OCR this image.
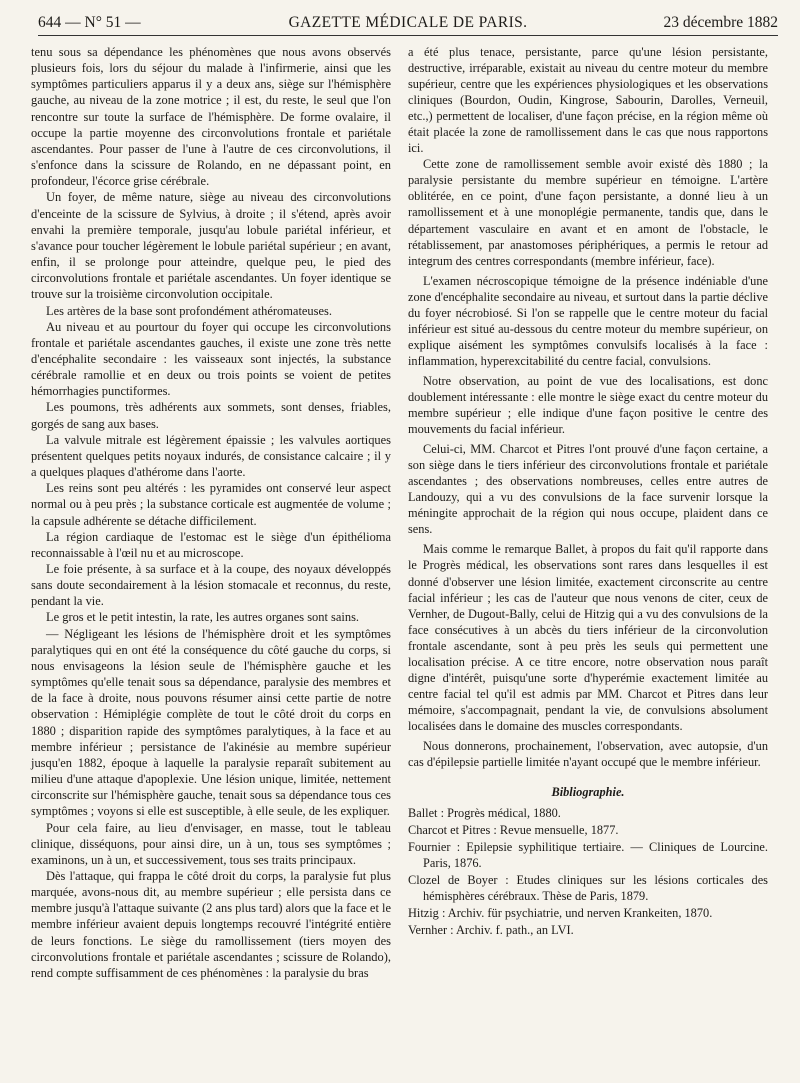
644 — N° 51 —	GAZETTE MÉDICALE DE PARIS.	23 décembre 1882

tenu sous sa dépendance les phénomènes que nous avons observés plusieurs fois, lors du séjour du malade à l'infirmerie, ainsi que les symptômes particuliers apparus il y a deux ans, siège sur l'hémisphère gauche, au niveau de la zone motrice ; il est, du reste, le seul que l'on rencontre sur toute la surface de l'hémisphère. De forme ovalaire, il occupe la partie moyenne des circonvolutions frontale et pariétale ascendantes. Pour passer de l'une à l'autre de ces circonvolutions, il s'enfonce dans la scissure de Rolando, en ne dépassant point, en profondeur, l'écorce grise cérébrale.

Un foyer, de même nature, siège au niveau des circonvolutions d'enceinte de la scissure de Sylvius, à droite ; il s'étend, après avoir envahi la première temporale, jusqu'au lobule pariétal inférieur, et s'avance pour toucher légèrement le lobule pariétal supérieur ; en avant, enfin, il se prolonge pour atteindre, quelque peu, le pied des circonvolutions frontale et pariétale ascendantes. Un foyer identique se trouve sur la troisième circonvolution occipitale.

Les artères de la base sont profondément athéromateuses.

Au niveau et au pourtour du foyer qui occupe les circonvolutions frontale et pariétale ascendantes gauches, il existe une zone très nette d'encéphalite secondaire : les vaisseaux sont injectés, la substance cérébrale ramollie et en deux ou trois points se voient de petites hémorrhagies punctiformes.

Les poumons, très adhérents aux sommets, sont denses, friables, gorgés de sang aux bases.

La valvule mitrale est légèrement épaissie ; les valvules aortiques présentent quelques petits noyaux indurés, de consistance calcaire ; il y a quelques plaques d'athérome dans l'aorte.

Les reins sont peu altérés : les pyramides ont conservé leur aspect normal ou à peu près ; la substance corticale est augmentée de volume ; la capsule adhérente se détache difficilement.

La région cardiaque de l'estomac est le siège d'un épithélioma reconnaissable à l'œil nu et au microscope.

Le foie présente, à sa surface et à la coupe, des noyaux développés sans doute secondairement à la lésion stomacale et reconnus, du reste, pendant la vie.

Le gros et le petit intestin, la rate, les autres organes sont sains.

— Négligeant les lésions de l'hémisphère droit et les symptômes paralytiques qui en ont été la conséquence du côté gauche du corps, si nous envisageons la lésion seule de l'hémisphère gauche et les symptômes qu'elle tenait sous sa dépendance, paralysie des membres et de la face à droite, nous pouvons résumer ainsi cette partie de notre observation : Hémiplégie complète de tout le côté droit du corps en 1880 ; disparition rapide des symptômes paralytiques, à la face et au membre inférieur ; persistance de l'akinésie au membre supérieur jusqu'en 1882, époque à laquelle la paralysie reparaît subitement au milieu d'une attaque d'apoplexie. Une lésion unique, limitée, nettement circonscrite sur l'hémisphère gauche, tenait sous sa dépendance tous ces symptômes ; voyons si elle est susceptible, à elle seule, de les expliquer.

Pour cela faire, au lieu d'envisager, en masse, tout le tableau clinique, disséquons, pour ainsi dire, un à un, tous ses symptômes ; examinons, un à un, et successivement, tous ses traits principaux.

Dès l'attaque, qui frappa le côté droit du corps, la paralysie fut plus marquée, avons-nous dit, au membre supérieur ; elle persista dans ce membre jusqu'à l'attaque suivante (2 ans plus tard) alors que la face et le membre inférieur avaient depuis longtemps recouvré l'intégrité entière de leurs fonctions. Le siège du ramollissement (tiers moyen des circonvolutions frontale et pariétale ascendantes ; scissure de Rolando), rend compte suffisamment de ces phénomènes : la paralysie du bras

a été plus tenace, persistante, parce qu'une lésion persistante, destructive, irréparable, existait au niveau du centre moteur du membre supérieur, centre que les expériences physiologiques et les observations cliniques (Bourdon, Oudin, Kingrose, Sabourin, Darolles, Verneuil, etc.,) permettent de localiser, d'une façon précise, en la région même où était placée la zone de ramollissement dans le cas que nous rapportons ici.

Cette zone de ramollissement semble avoir existé dès 1880 ; la paralysie persistante du membre supérieur en témoigne. L'artère oblitérée, en ce point, d'une façon persistante, a donné lieu à un ramollissement et à une monoplégie permanente, tandis que, dans le département vasculaire en avant et en amont de l'obstacle, le rétablissement, par anastomoses périphériques, a permis le retour ad integrum des centres correspondants (membre inférieur, face).

L'examen nécroscopique témoigne de la présence indéniable d'une zone d'encéphalite secondaire au niveau, et surtout dans la partie déclive du foyer nécrobiosé. Si l'on se rappelle que le centre moteur du facial inférieur est situé au-dessous du centre moteur du membre supérieur, on explique aisément les symptômes convulsifs localisés à la face : inflammation, hyperexcitabilité du centre facial, convulsions.

Notre observation, au point de vue des localisations, est donc doublement intéressante : elle montre le siège exact du centre moteur du membre supérieur ; elle indique d'une façon positive le centre des mouvements du facial inférieur.

Celui-ci, MM. Charcot et Pitres l'ont prouvé d'une façon certaine, a son siège dans le tiers inférieur des circonvolutions frontale et pariétale ascendantes ; des observations nombreuses, celles entre autres de Landouzy, qui a vu des convulsions de la face survenir lorsque la méningite approchait de la région qui nous occupe, plaident dans ce sens.

Mais comme le remarque Ballet, à propos du fait qu'il rapporte dans le Progrès médical, les observations sont rares dans lesquelles il est donné d'observer une lésion limitée, exactement circonscrite au centre facial inférieur ; les cas de l'auteur que nous venons de citer, ceux de Vernher, de Dugout-Bally, celui de Hitzig qui a vu des convulsions de la face consécutives à un abcès du tiers inférieur de la circonvolution frontale ascendante, sont à peu près les seuls qui permettent une localisation précise. A ce titre encore, notre observation nous paraît digne d'intérêt, puisqu'une sorte d'hyperémie exactement limitée au centre facial tel qu'il est admis par MM. Charcot et Pitres dans leur mémoire, s'accompagnait, pendant la vie, de convulsions absolument localisées dans le domaine des muscles correspondants.

Nous donnerons, prochainement, l'observation, avec autopsie, d'un cas d'épilepsie partielle limitée n'ayant occupé que le membre inférieur.

Bibliographie.
Ballet : Progrès médical, 1880.
Charcot et Pitres : Revue mensuelle, 1877.
Fournier : Epilepsie syphilitique tertiaire. — Cliniques de Lourcine. Paris, 1876.
Clozel de Boyer : Etudes cliniques sur les lésions corticales des hémisphères cérébraux. Thèse de Paris, 1879.
Hitzig : Archiv. für psychiatrie, und nerven Krankeiten, 1870.
Vernher : Archiv. f. path., an LVI.
